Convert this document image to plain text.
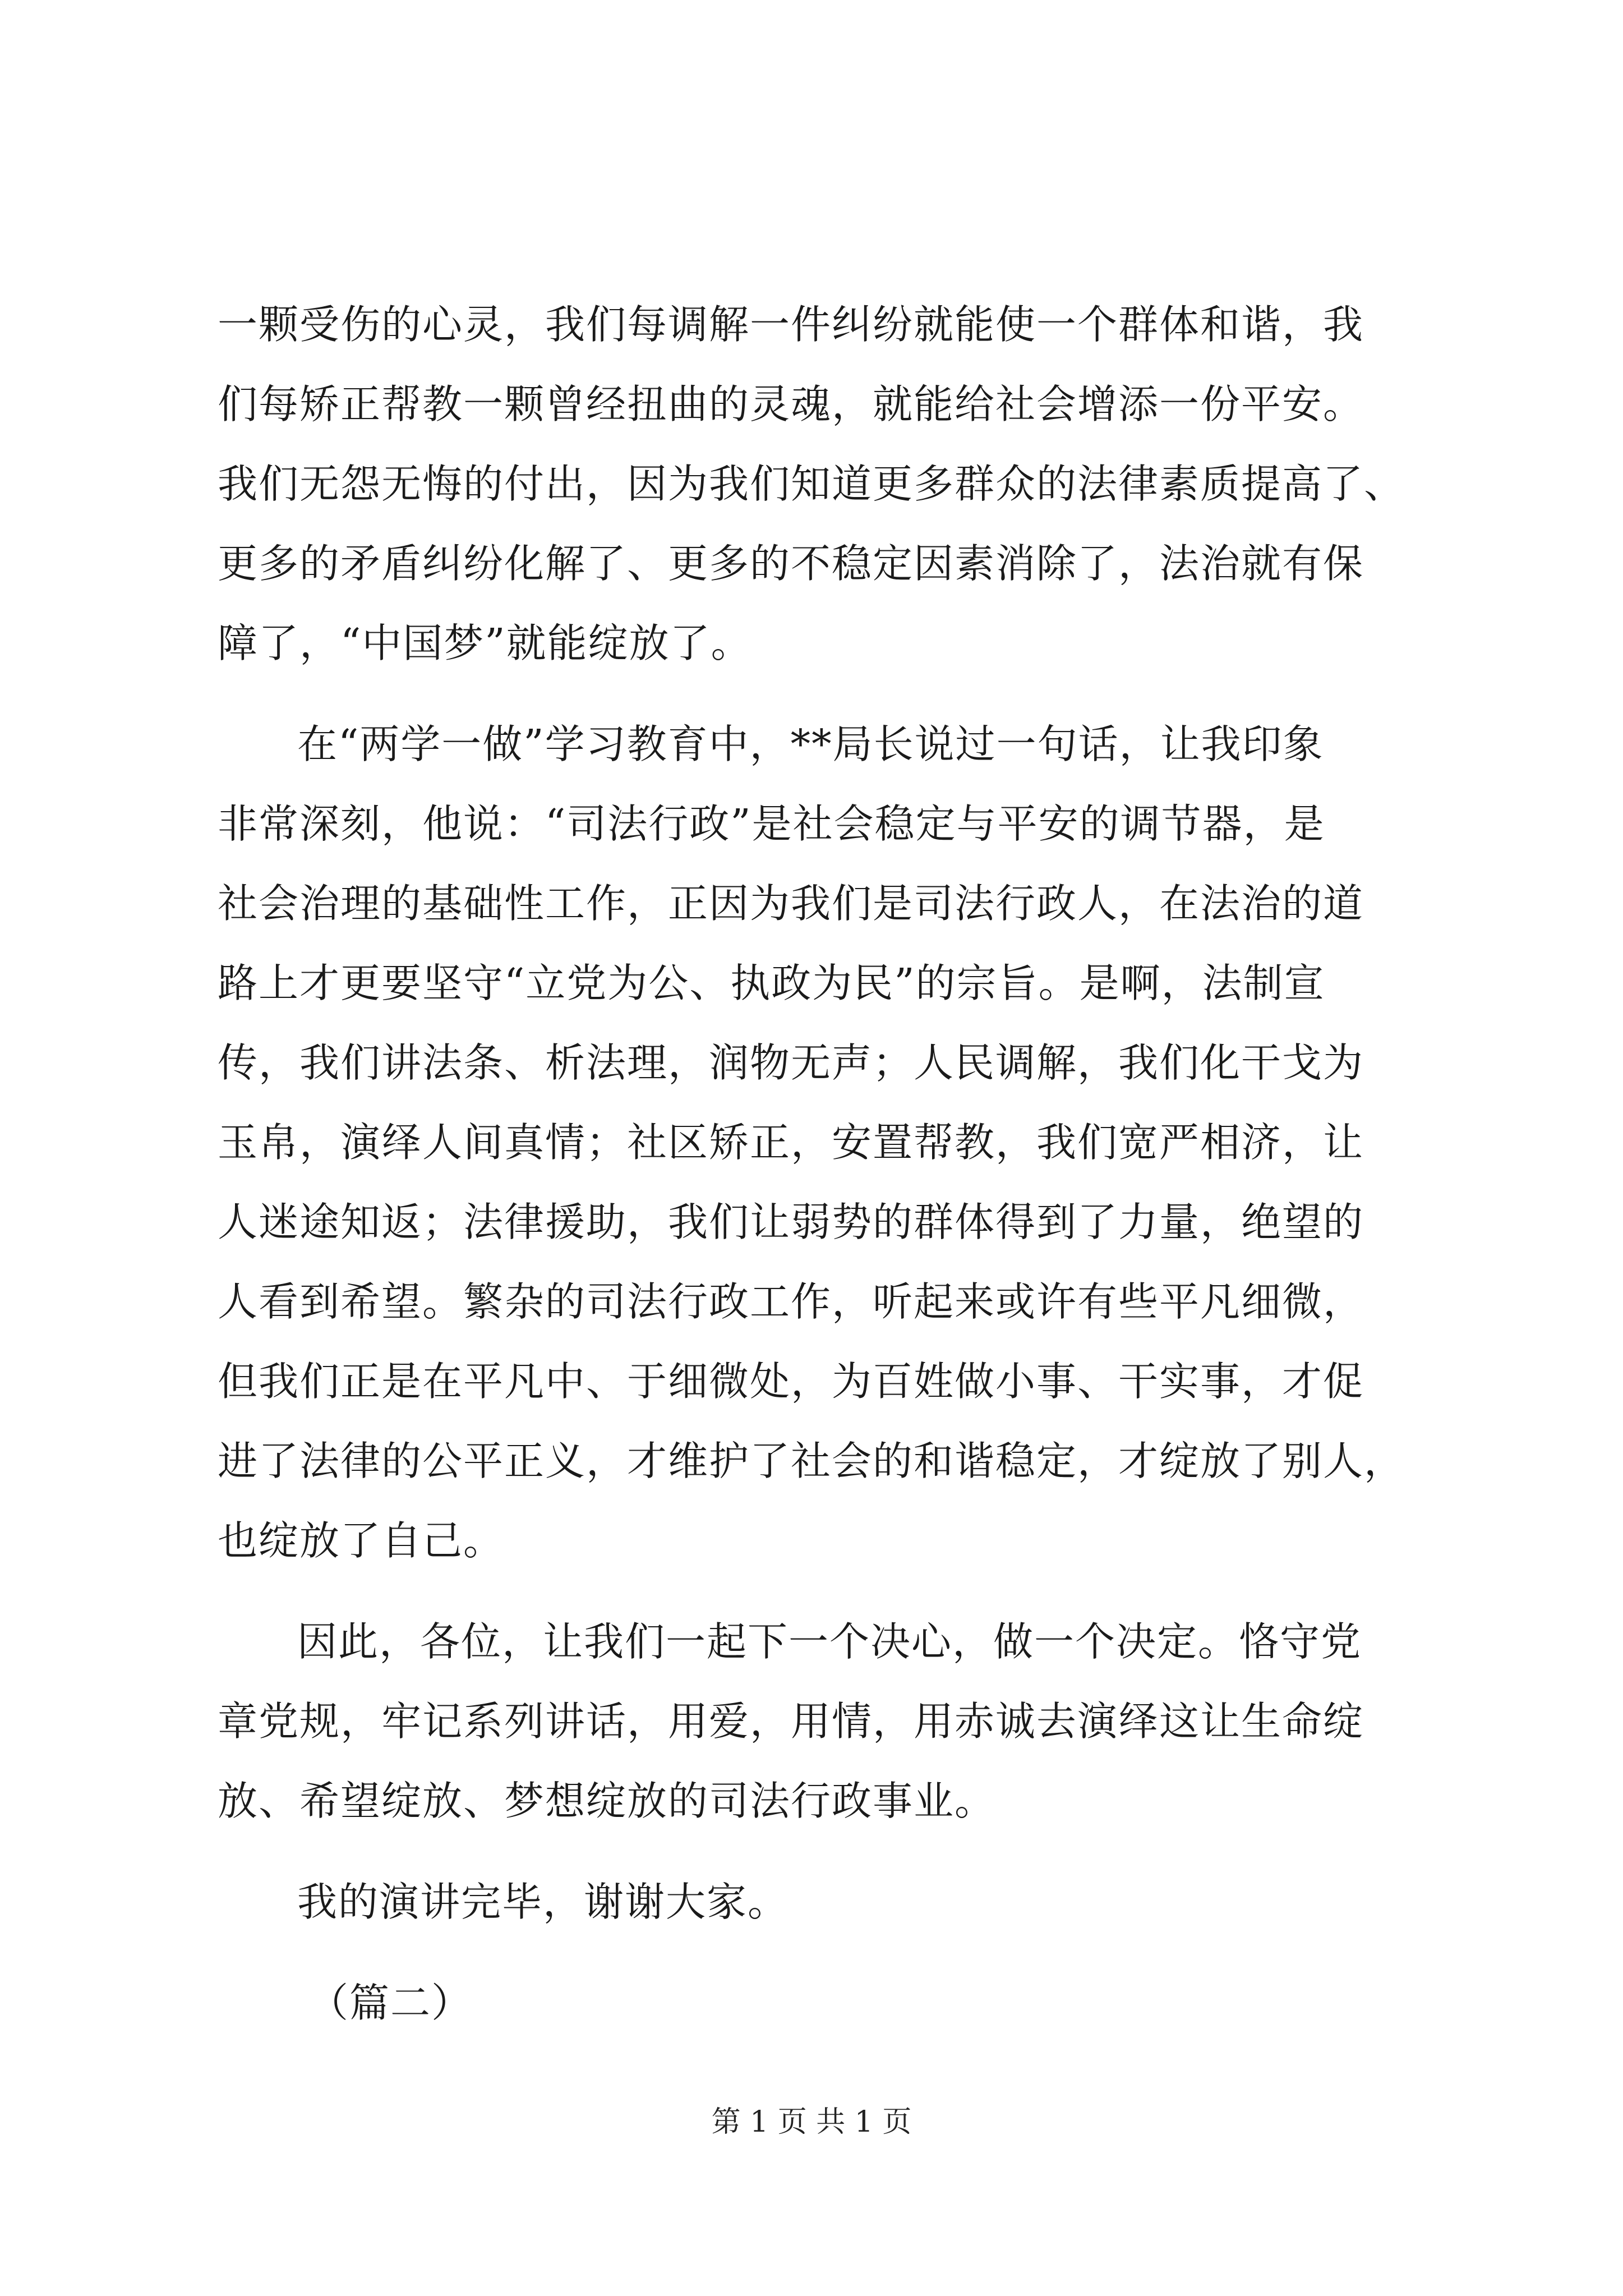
一颗受伤的心灵，我们每调解一件纠纷就能使一个群体和谐，我
们每矫正帮教一颗曾经扭曲的灵魂，就能给社会增添一份平安。
我们无怨无悔的付出，因为我们知道更多群众的法律素质提高了、
更多的矛盾纠纷化解了、更多的不稳定因素消除了，法治就有保
障了，“中国梦”就能绽放了。
在“两学一做”学习教育中，**局长说过一句话，让我印象
非常深刻，他说：“司法行政”是社会稳定与平安的调节器，是
社会治理的基础性工作，正因为我们是司法行政人，在法治的道
路上才更要坚守“立党为公、执政为民”的宗旨。是啊，法制宣
传，我们讲法条、析法理，润物无声；人民调解，我们化干戈为
玉帛，演绎人间真情；社区矫正，安置帮教，我们宽严相济，让
人迷途知返；法律援助，我们让弱势的群体得到了力量，绝望的
人看到希望。繁杂的司法行政工作，听起来或许有些平凡细微，
但我们正是在平凡中、于细微处，为百姓做小事、干实事，才促
进了法律的公平正义，才维护了社会的和谐稳定，才绽放了别人，
也绽放了自己。
因此，各位，让我们一起下一个决心，做一个决定。恪守党
章党规，牢记系列讲话，用爱，用情，用赤诚去演绎这让生命绽
放、希望绽放、梦想绽放的司法行政事业。
我的演讲完毕，谢谢大家。
（篇二）
第 1 页 共 1 页
